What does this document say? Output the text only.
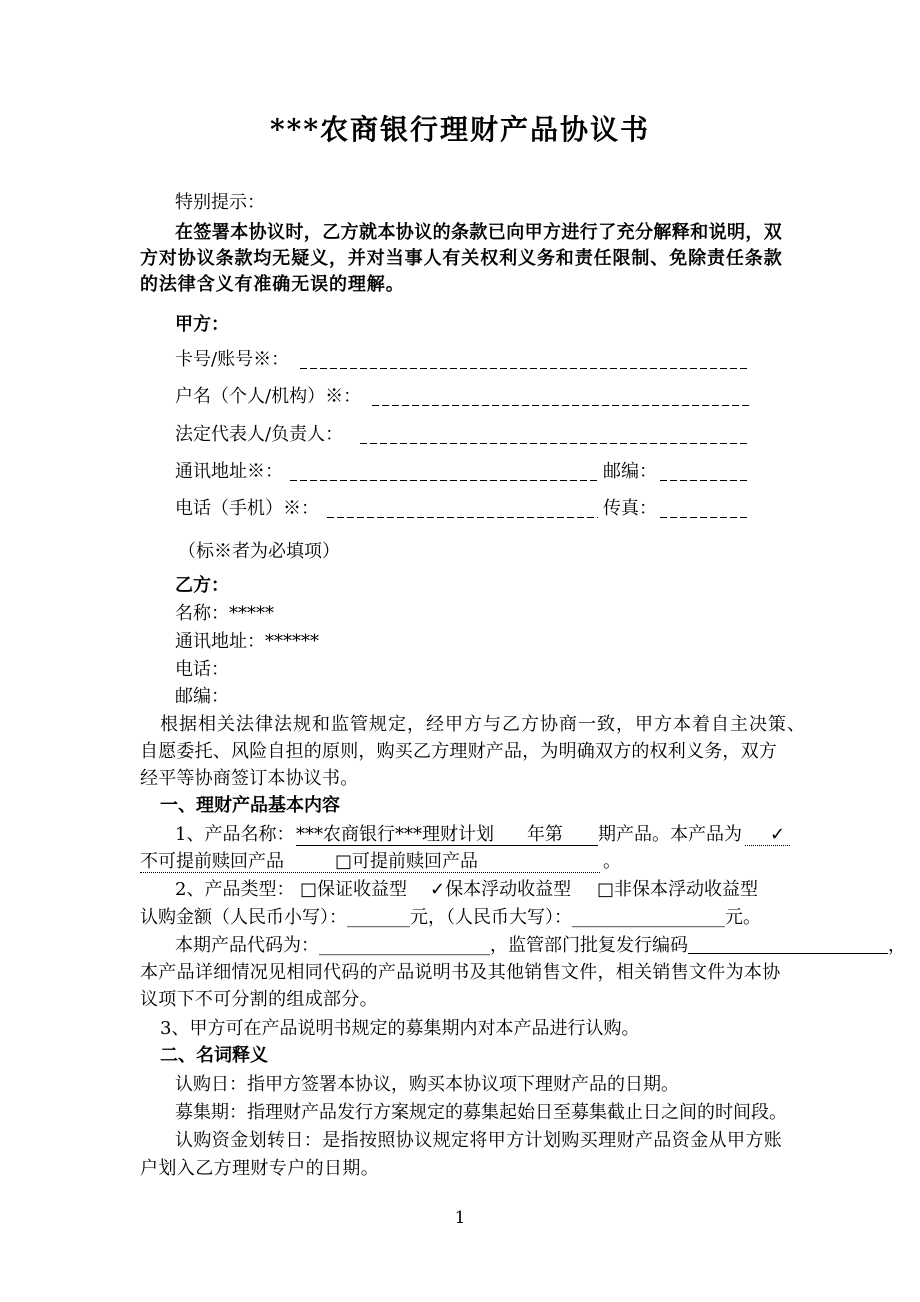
***农商银行理财产品协议书
特别提示：
在签署本协议时，乙方就本协议的条款已向甲方进行了充分解释和说明，双
方对协议条款均无疑义，并对当事人有关权利义务和责任限制、免除责任条款
的法律含义有准确无误的理解。
甲方：
卡号/账号※：
户名（个人/机构）※：
法定代表人/负责人：
通讯地址※：	邮编：
电话（手机）※：	传真：
（标※者为必填项）
乙方：
名称：*****
通讯地址：******
电话：
邮编：
根据相关法律法规和监管规定，经甲方与乙方协商一致，甲方本着自主决策、
自愿委托、风险自担的原则，购买乙方理财产品，为明确双方的权利义务，双方
经平等协商签订本协议书。
一、理财产品基本内容
1、产品名称： ***农商银行***理财计划 年第 期产品。本产品为 ✓
不可提前赎回产品	□可提前赎回产品	。
2、产品类型： □保证收益型 ✓保本浮动收益型 □非保本浮动收益型
认购金额（人民币小写）：_______元，（人民币大写）：_________________元。
本期产品代码为：___________________，监管部门批复发行编码	，
本产品详细情况见相同代码的产品说明书及其他销售文件，相关销售文件为本协
议项下不可分割的组成部分。
3、甲方可在产品说明书规定的募集期内对本产品进行认购。
二、名词释义
认购日：指甲方签署本协议，购买本协议项下理财产品的日期。
募集期：指理财产品发行方案规定的募集起始日至募集截止日之间的时间段。
认购资金划转日：是指按照协议规定将甲方计划购买理财产品资金从甲方账
户划入乙方理财专户的日期。
1
